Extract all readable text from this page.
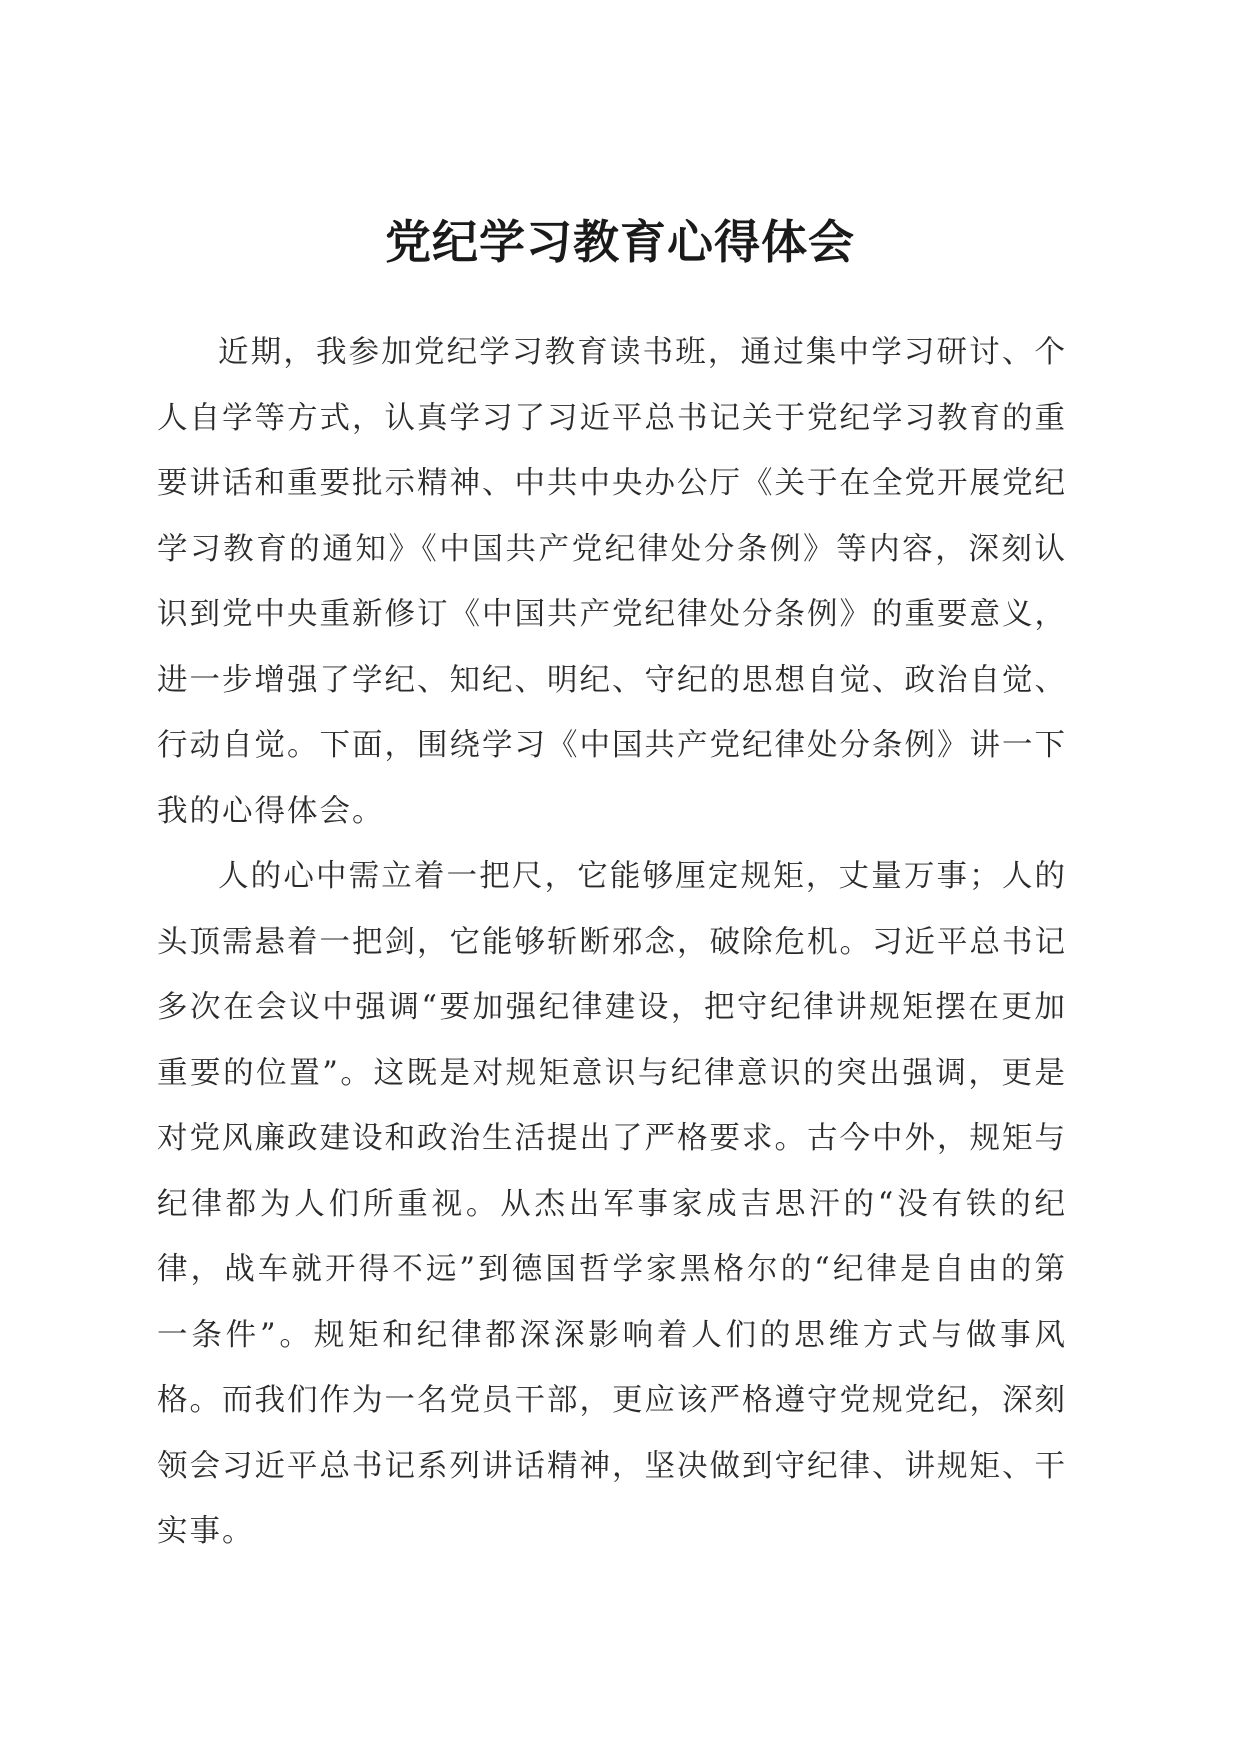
党纪学习教育心得体会

近期，我参加党纪学习教育读书班，通过集中学习研讨、个人自学等方式，认真学习了习近平总书记关于党纪学习教育的重要讲话和重要批示精神、中共中央办公厅《关于在全党开展党纪学习教育的通知》《中国共产党纪律处分条例》等内容，深刻认识到党中央重新修订《中国共产党纪律处分条例》的重要意义，进一步增强了学纪、知纪、明纪、守纪的思想自觉、政治自觉、行动自觉。下面，围绕学习《中国共产党纪律处分条例》讲一下我的心得体会。

人的心中需立着一把尺，它能够厘定规矩，丈量万事；人的头顶需悬着一把剑，它能够斩断邪念，破除危机。习近平总书记多次在会议中强调“要加强纪律建设，把守纪律讲规矩摆在更加重要的位置”。这既是对规矩意识与纪律意识的突出强调，更是对党风廉政建设和政治生活提出了严格要求。古今中外，规矩与纪律都为人们所重视。从杰出军事家成吉思汗的“没有铁的纪律，战车就开得不远”到德国哲学家黑格尔的“纪律是自由的第一条件”。规矩和纪律都深深影响着人们的思维方式与做事风格。而我们作为一名党员干部，更应该严格遵守党规党纪，深刻领会习近平总书记系列讲话精神，坚决做到守纪律、讲规矩、干实事。
